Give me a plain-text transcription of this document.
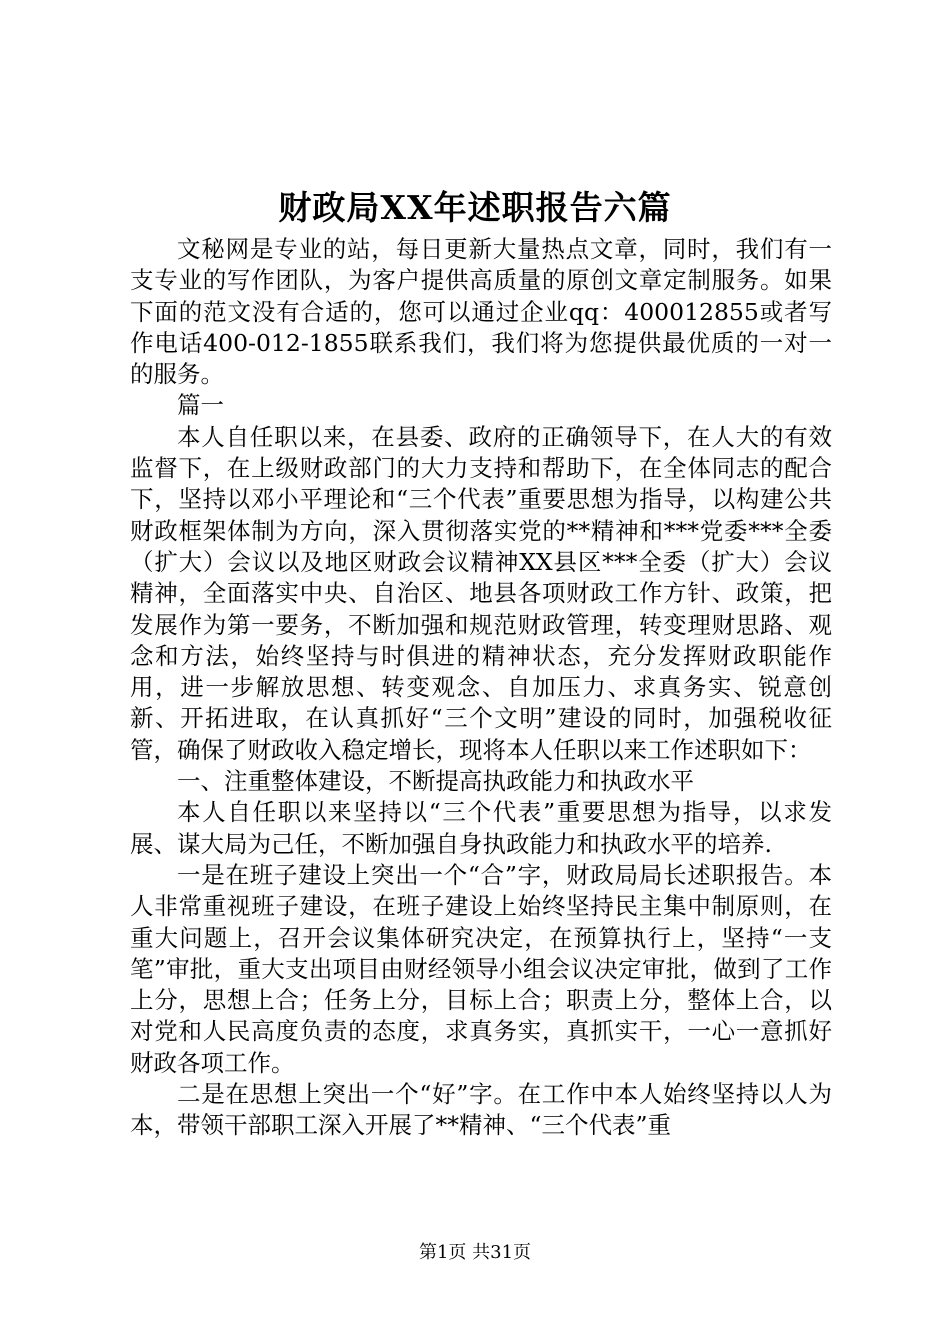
财政局XX年述职报告六篇

文秘网是专业的站，每日更新大量热点文章，同时，我们有一支专业的写作团队，为客户提供高质量的原创文章定制服务。如果下面的范文没有合适的，您可以通过企业qq：400012855或者写作电话400-012-1855联系我们，我们将为您提供最优质的一对一的服务。

篇一

本人自任职以来，在县委、政府的正确领导下，在人大的有效监督下，在上级财政部门的大力支持和帮助下，在全体同志的配合下，坚持以邓小平理论和“三个代表”重要思想为指导，以构建公共财政框架体制为方向，深入贯彻落实党的**精神和***党委***全委（扩大）会议以及地区财政会议精神XX县区***全委（扩大）会议精神，全面落实中央、自治区、地县各项财政工作方针、政策，把发展作为第一要务，不断加强和规范财政管理，转变理财思路、观念和方法，始终坚持与时俱进的精神状态，充分发挥财政职能作用，进一步解放思想、转变观念、自加压力、求真务实、锐意创新、开拓进取，在认真抓好“三个文明”建设的同时，加强税收征管，确保了财政收入稳定增长，现将本人任职以来工作述职如下：

一、注重整体建设，不断提高执政能力和执政水平

本人自任职以来坚持以“三个代表”重要思想为指导，以求发展、谋大局为己任，不断加强自身执政能力和执政水平的培养.

一是在班子建设上突出一个“合”字，财政局局长述职报告。本人非常重视班子建设，在班子建设上始终坚持民主集中制原则，在重大问题上，召开会议集体研究决定，在预算执行上，坚持“一支笔”审批，重大支出项目由财经领导小组会议决定审批，做到了工作上分，思想上合；任务上分，目标上合；职责上分，整体上合，以对党和人民高度负责的态度，求真务实，真抓实干，一心一意抓好财政各项工作。

二是在思想上突出一个“好”字。在工作中本人始终坚持以人为本，带领干部职工深入开展了**精神、“三个代表”重

第1页 共31页
